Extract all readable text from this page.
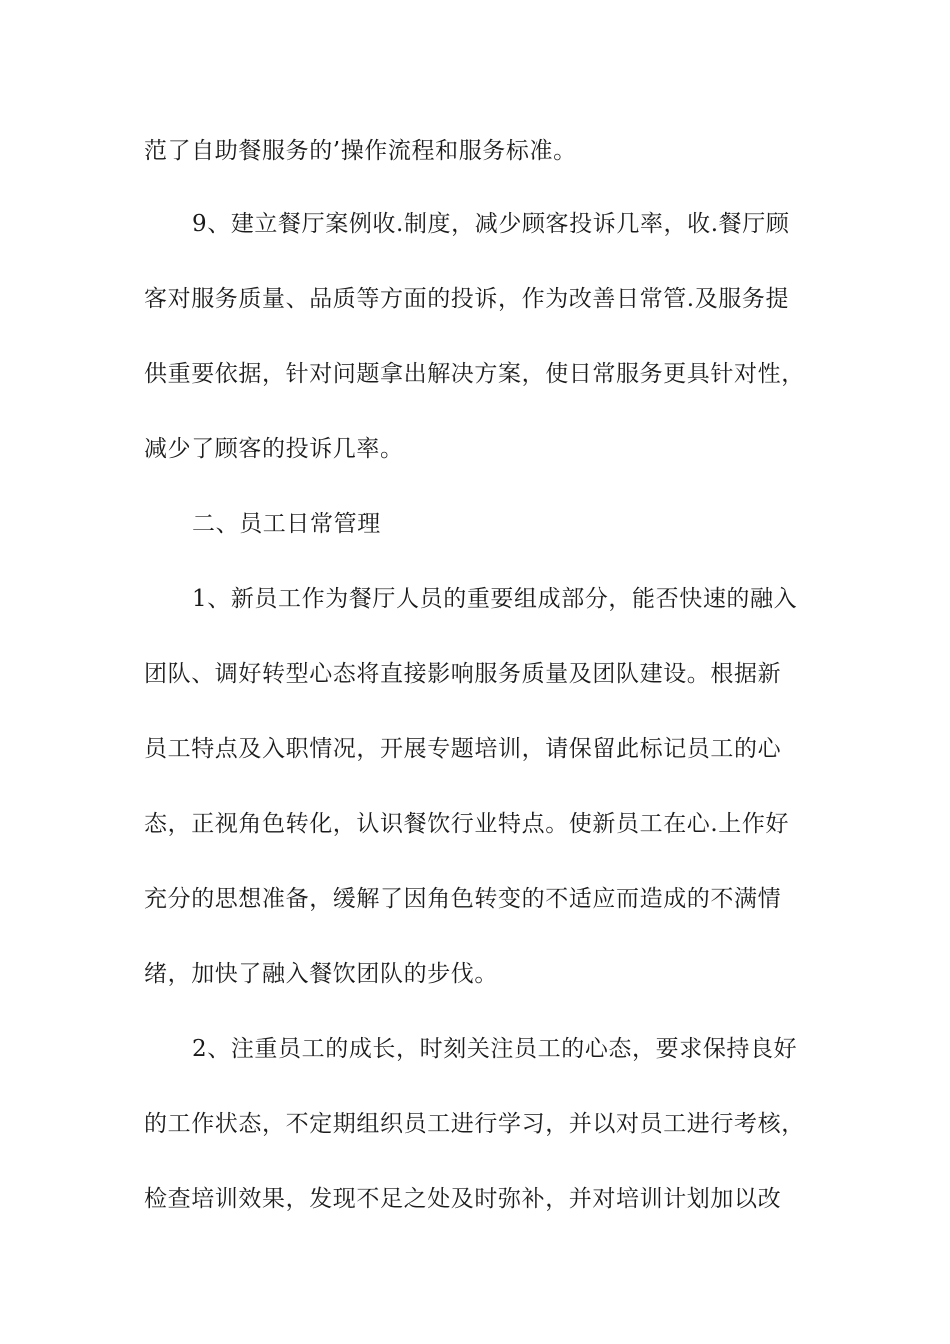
范了自助餐服务的’操作流程和服务标准。
9、建立餐厅案例收.制度，减少顾客投诉几率，收.餐厅顾
客对服务质量、品质等方面的投诉，作为改善日常管.及服务提
供重要依据，针对问题拿出解决方案，使日常服务更具针对性，
减少了顾客的投诉几率。
二、员工日常管理
1、新员工作为餐厅人员的重要组成部分，能否快速的融入
团队、调好转型心态将直接影响服务质量及团队建设。根据新
员工特点及入职情况，开展专题培训，请保留此标记员工的心
态，正视角色转化，认识餐饮行业特点。使新员工在心.上作好
充分的思想准备，缓解了因角色转变的不适应而造成的不满情
绪，加快了融入餐饮团队的步伐。
2、注重员工的成长，时刻关注员工的心态，要求保持良好
的工作状态，不定期组织员工进行学习，并以对员工进行考核，
检查培训效果，发现不足之处及时弥补，并对培训计划加以改
